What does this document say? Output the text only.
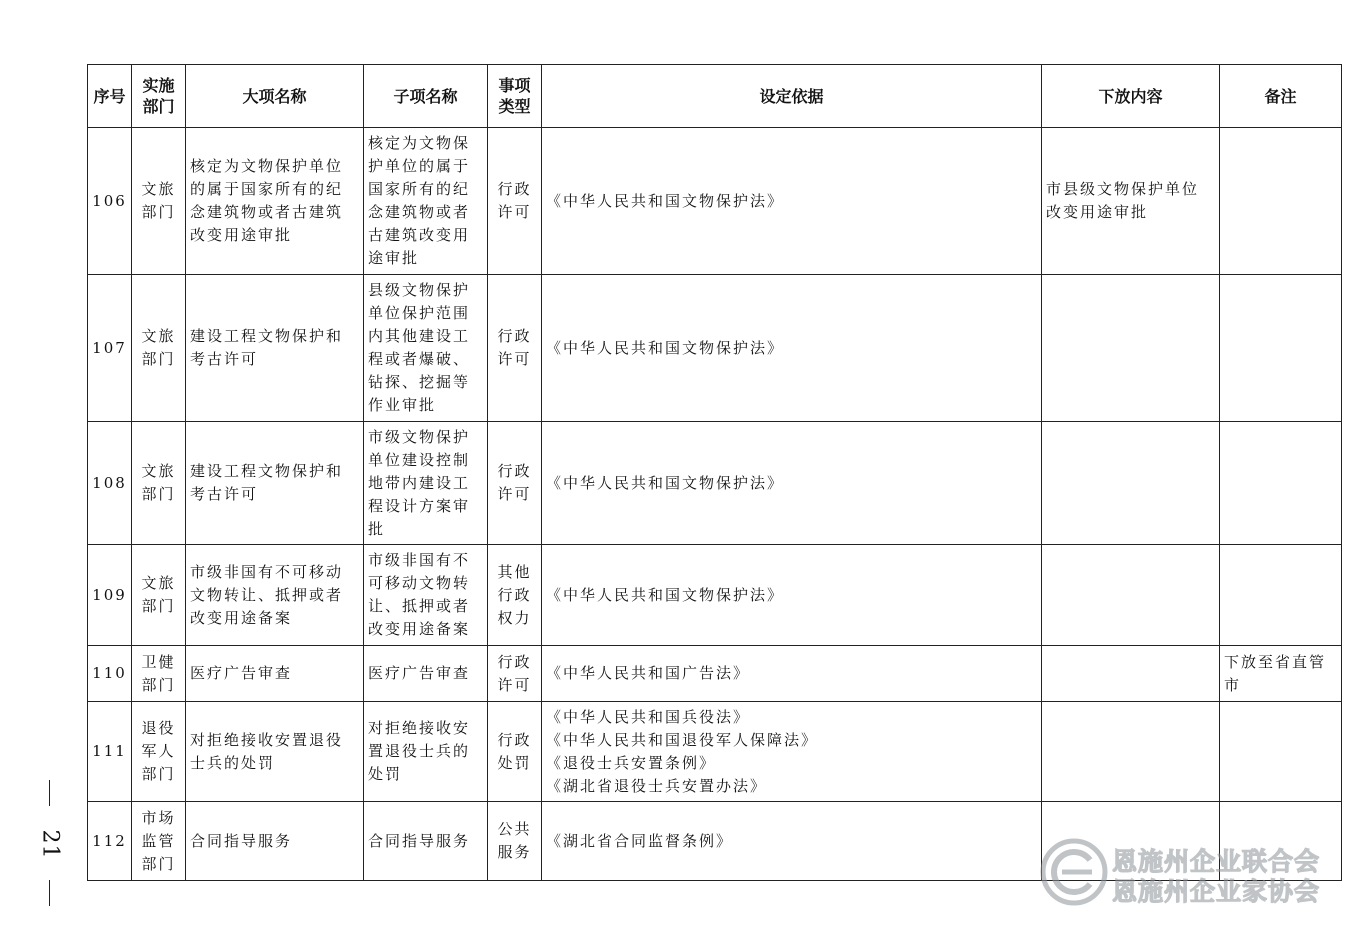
序号	实施部门	大项名称	子项名称	事项类型	设定依据	下放内容	备注
106	文旅部门	核定为文物保护单位的属于国家所有的纪念建筑物或者古建筑改变用途审批	核定为文物保护单位的属于国家所有的纪念建筑物或者古建筑改变用途审批	行政许可	《中华人民共和国文物保护法》	市县级文物保护单位改变用途审批	
107	文旅部门	建设工程文物保护和考古许可	县级文物保护单位保护范围内其他建设工程或者爆破、钻探、挖掘等作业审批	行政许可	《中华人民共和国文物保护法》		

108	文旅部门	建设工程文物保护和考古许可	市级文物保护单位建设控制地带内建设工程设计方案审批	行政许可	《中华人民共和国文物保护法》		

109	文旅部门	市级非国有不可移动文物转让、抵押或者改变用途备案	市级非国有不可移动文物转让、抵押或者改变用途备案	其他行政权力	《中华人民共和国文物保护法》		

110	卫健部门	医疗广告审查	医疗广告审查	行政许可	《中华人民共和国广告法》		下放至省直管市
111	退役军人部门	对拒绝接收安置退役士兵的处罚	对拒绝接收安置退役士兵的处罚	行政处罚	《中华人民共和国兵役法》
《中华人民共和国退役军人保障法》
《退役士兵安置条例》
《湖北省退役士兵安置办法》		

112	市场监管部门	合同指导服务	合同指导服务	公共服务	《湖北省合同监督条例》		

21
恩施州企业联合会
恩施州企业家协会
